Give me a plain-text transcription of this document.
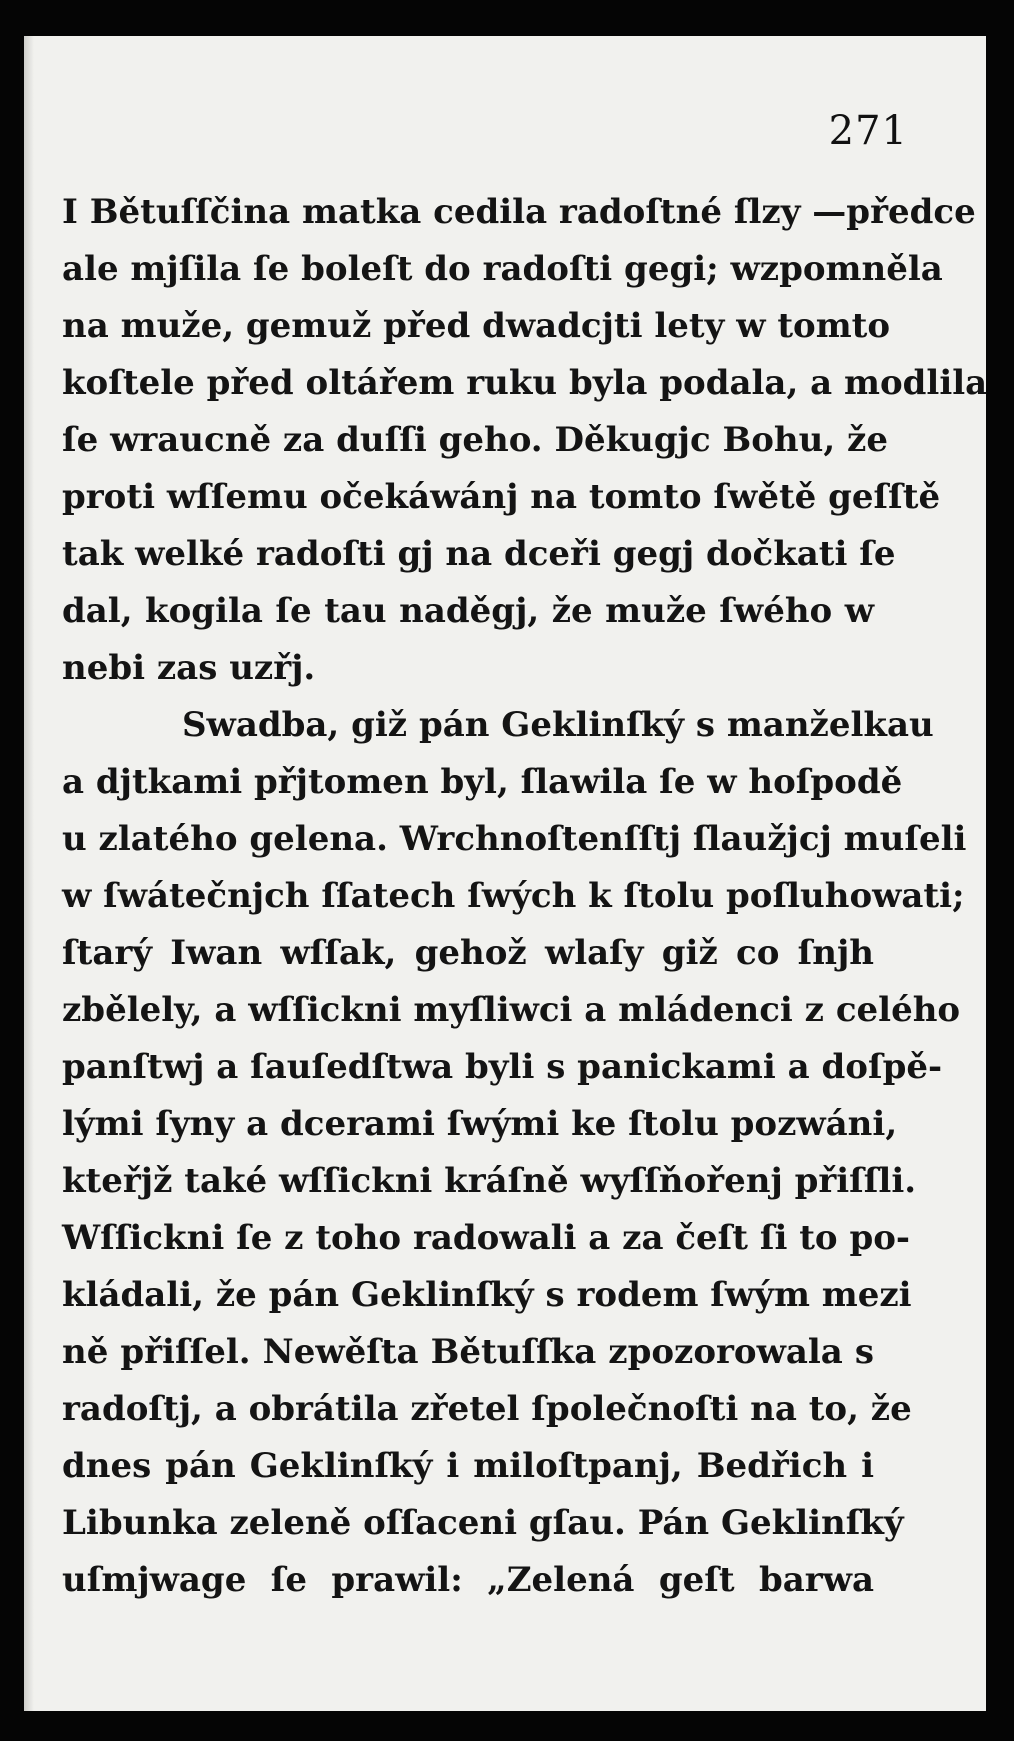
271
I Bětuſſčina matka cedila radoſtné ſlzy —předce
ale mjſila ſe boleſt do radoſti gegi; wzpomněla
na muže, gemuž před dwadcjti lety w tomto
koſtele před oltářem ruku byla podala, a modlila
ſe wraucně za duſſi geho. Děkugjc Bohu, že
proti wſſemu očekáwánj na tomto ſwětě geſſtě
tak welké radoſti gj na dceři gegj dočkati ſe
dal, kogila ſe tau naděgj, že muže ſwého w
nebi zas uzřj.
Swadba, giž pán Geklinſký s manželkau
a djtkami přjtomen byl, ſlawila ſe w hoſpodě
u zlatého gelena. Wrchnoſtenſſtj ſlaužjcj muſeli
w ſwátečnjch ſſatech ſwých k ſtolu poſluhowati;
ſtarý Iwan wſſak, gehož wlaſy giž co ſnjh
zbělely, a wſſickni myſliwci a mládenci z celého
panſtwj a ſauſedſtwa byli s panickami a doſpě-
lými ſyny a dcerami ſwými ke ſtolu pozwáni,
kteřjž také wſſickni kráſně wyſſňořenj přiſſli.
Wſſickni ſe z toho radowali a za čeſt ſi to po-
kládali, že pán Geklinſký s rodem ſwým mezi
ně přiſſel. Newěſta Bětuſſka zpozorowala s
radoſtj, a obrátila zřetel ſpolečnoſti na to, že
dnes pán Geklinſký i miloſtpanj, Bedřich i
Libunka zeleně oſſaceni gſau. Pán Geklinſký
uſmjwage ſe prawil: „Zelená geſt barwa
